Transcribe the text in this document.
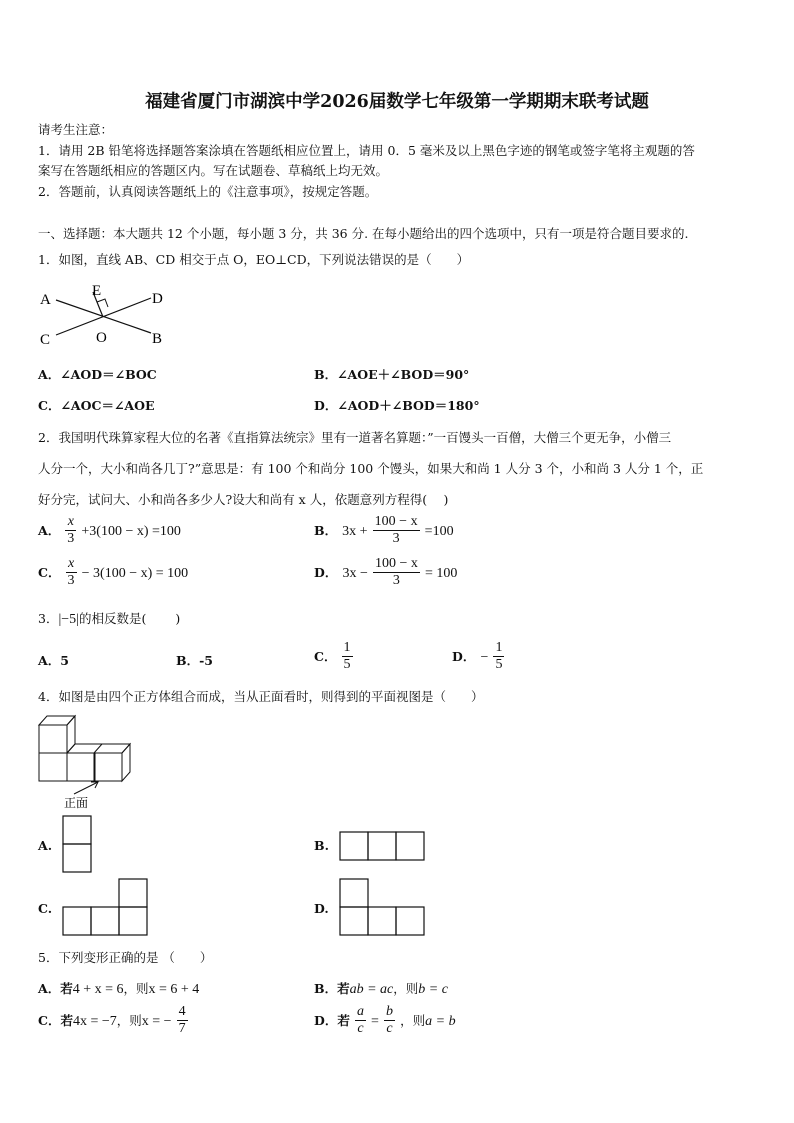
福建省厦门市湖滨中学2026届数学七年级第一学期期末联考试题
请考生注意：
1．请用 2B 铅笔将选择题答案涂填在答题纸相应位置上，请用 0．5 毫米及以上黑色字迹的钢笔或签字笔将主观题的答
案写在答题纸相应的答题区内。写在试题卷、草稿纸上均无效。
2．答题前，认真阅读答题纸上的《注意事项》，按规定答题。
一、选择题：本大题共 12 个小题，每小题 3 分，共 36 分. 在每小题给出的四个选项中，只有一项是符合题目要求的.
1．如图，直线 AB、CD 相交于点 O，EO⊥CD，下列说法错误的是（　　）
A
C
E	D
B
O
A．∠AOD＝∠BOC	B．∠AOE＋∠BOD＝90°
C．∠AOC＝∠AOE	D．∠AOD＋∠BOD＝180°
2．我国明代珠算家程大位的名著《直指算法统宗》里有一道著名算题：”一百馒头一百僧，大僧三个更无争，小僧三
人分一个，大小和尚各几丁?”意思是：有 100 个和尚分 100 个馒头，如果大和尚 1 人分 3 个，小和尚 3 人分 1 个，正
好分完，试问大、小和尚各多少人?设大和尚有 x 人，依题意列方程得(　 )
A． $\frac{x}{3} +3(100 - x) =100$	B． $3x + \frac{100 - x}{3} =100$
C． $\frac{x}{3} - 3(100 - x) = 100$	D． $3x - \frac{100 - x}{3} = 100$
3．|−5|的相反数是(　　 )
A．5	B．-5	C． $\frac{1}{5}$	D． − $\frac{1}{5}$
4．如图是由四个正方体组合而成，当从正面看时，则得到的平面视图是（　　）
正面
A.	B.
C.	D.
5．下列变形正确的是 （　　）
A．若4 + x = 6，则x = 6 + 4	B．若ab = ac，则b = c
C．若4x = −7，则x = − $\frac{4}{7}$	D．若 $\frac{a}{c} = \frac{b}{c}$ ，则a = b
